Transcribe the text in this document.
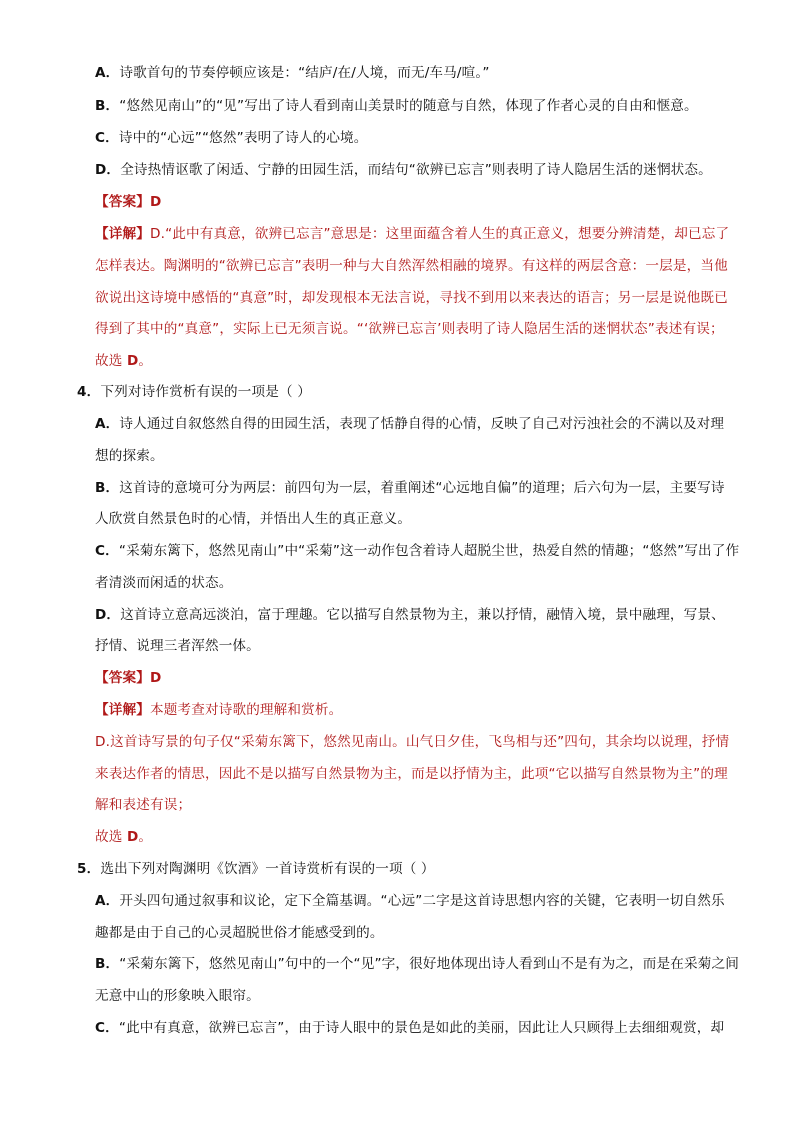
A．诗歌首句的节奏停顿应该是：“结庐/在/人境，而无/车马/喧。”
B．“悠然见南山”的“见”写出了诗人看到南山美景时的随意与自然，体现了作者心灵的自由和惬意。
C．诗中的“心远”“悠然”表明了诗人的心境。
D．全诗热情讴歌了闲适、宁静的田园生活，而结句“欲辨已忘言”则表明了诗人隐居生活的迷惘状态。
【答案】D
【详解】D.“此中有真意，欲辨已忘言”意思是：这里面蕴含着人生的真正意义，想要分辨清楚，却已忘了
怎样表达。陶渊明的“欲辨已忘言”表明一种与大自然浑然相融的境界。有这样的两层含意：一层是，当他
欲说出这诗境中感悟的“真意”时，却发现根本无法言说，寻找不到用以来表达的语言；另一层是说他既已
得到了其中的“真意”，实际上已无须言说。“‘欲辨已忘言’则表明了诗人隐居生活的迷惘状态”表述有误；
故选 D。
4．下列对诗作赏析有误的一项是（ ）
A．诗人通过自叙悠然自得的田园生活，表现了恬静自得的心情，反映了自己对污浊社会的不满以及对理
想的探索。
B．这首诗的意境可分为两层：前四句为一层，着重阐述“心远地自偏”的道理；后六句为一层，主要写诗
人欣赏自然景色时的心情，并悟出人生的真正意义。
C．“采菊东篱下，悠然见南山”中“采菊”这一动作包含着诗人超脱尘世，热爱自然的情趣；“悠然”写出了作
者清淡而闲适的状态。
D．这首诗立意高远淡泊，富于理趣。它以描写自然景物为主，兼以抒情，融情入境，景中融理，写景、
抒情、说理三者浑然一体。
【答案】D
【详解】本题考查对诗歌的理解和赏析。
D.这首诗写景的句子仅“采菊东篱下，悠然见南山。山气日夕佳，飞鸟相与还”四句，其余均以说理，抒情
来表达作者的情思，因此不是以描写自然景物为主，而是以抒情为主，此项“它以描写自然景物为主”的理
解和表述有误；
故选 D。
5．选出下列对陶渊明《饮酒》一首诗赏析有误的一项（ ）
A．开头四句通过叙事和议论，定下全篇基调。“心远”二字是这首诗思想内容的关键，它表明一切自然乐
趣都是由于自己的心灵超脱世俗才能感受到的。
B．“采菊东篱下，悠然见南山”句中的一个“见”字，很好地体现出诗人看到山不是有为之，而是在采菊之间
无意中山的形象映入眼帘。
C．“此中有真意，欲辨已忘言”，由于诗人眼中的景色是如此的美丽，因此让人只顾得上去细细观赏，却
